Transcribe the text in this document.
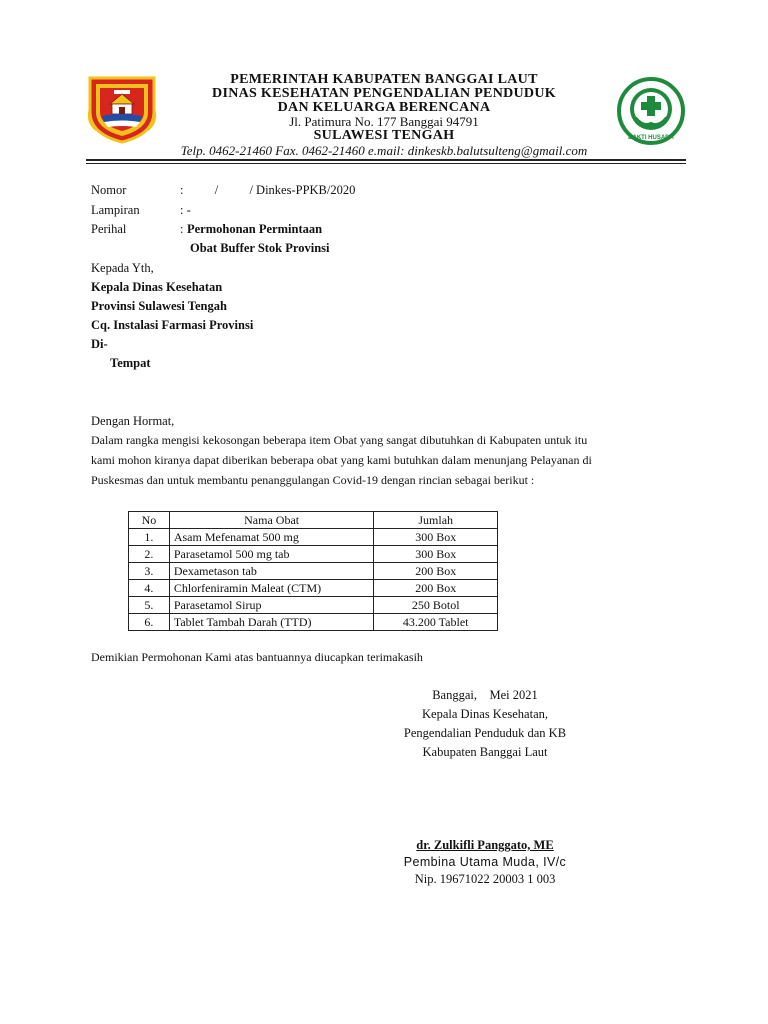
PEMERINTAH KABUPATEN BANGGAI LAUT
DINAS KESEHATAN PENGENDALIAN PENDUDUK
DAN KELUARGA BERENCANA
Jl. Patimura No. 177 Banggai 94791
SULAWESI TENGAH
Telp. 0462-21460 Fax. 0462-21460 e.mail: dinkeskb.balutsulteng@gmail.com
BAKTI HUSADA
Nomor	:          /          / Dinkes-PPKB/2020
Lampiran	: -
Perihal	: Permohonan Permintaan
Obat Buffer Stok Provinsi
Kepada Yth,
Kepala Dinas Kesehatan
Provinsi Sulawesi Tengah
Cq. Instalasi Farmasi Provinsi
Di-
Tempat
Dengan Hormat,
Dalam rangka mengisi kekosongan beberapa item Obat yang sangat dibutuhkan di Kabupaten untuk itu
kami mohon kiranya dapat diberikan beberapa obat yang kami butuhkan dalam menunjang Pelayanan di
Puskesmas dan untuk membantu penanggulangan Covid-19 dengan rincian sebagai berikut :
No	Nama Obat	Jumlah
1.	Asam Mefenamat 500 mg	300 Box
2.	Parasetamol 500 mg tab	300 Box
3.	Dexametason tab	200 Box
4.	Chlorfeniramin Maleat (CTM)	200 Box
5.	Parasetamol Sirup	250 Botol
6.	Tablet Tambah Darah (TTD)	43.200 Tablet
Demikian Permohonan Kami atas bantuannya diucapkan terimakasih
Banggai,    Mei 2021
Kepala Dinas Kesehatan,
Pengendalian Penduduk dan KB
Kabupaten Banggai Laut
dr. Zulkifli Panggato, ME
Pembina Utama Muda, IV/c
Nip. 19671022 20003 1 003
